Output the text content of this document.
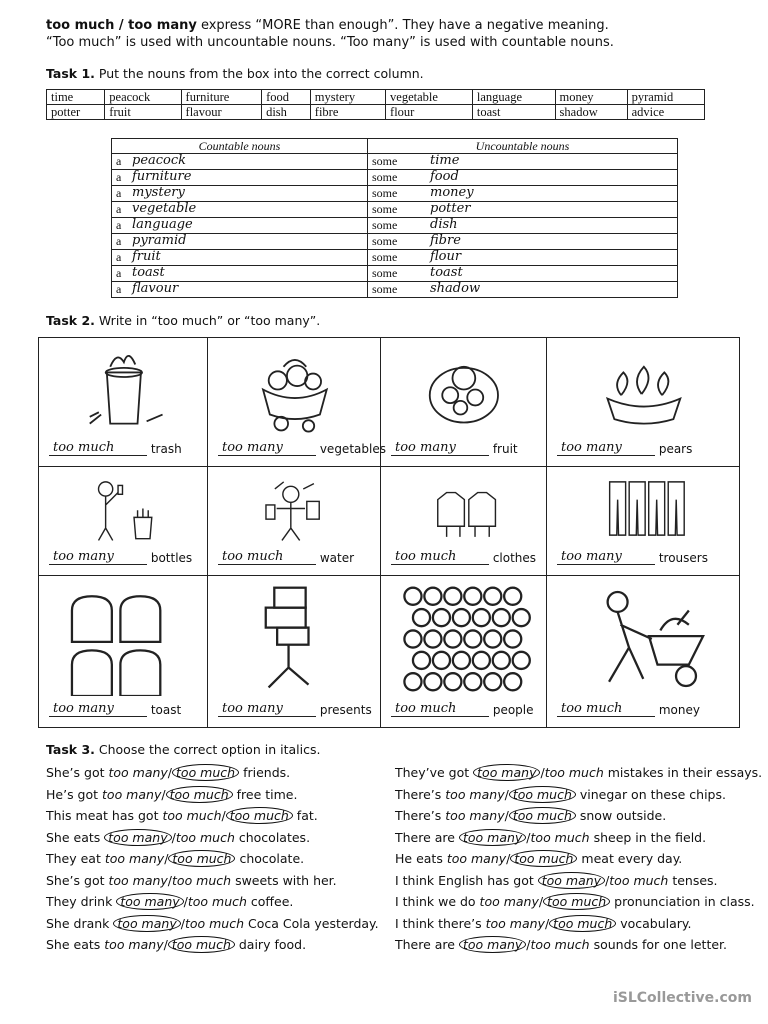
too much / too many express “MORE than enough”. They have a negative meaning.
“Too much” is used with uncountable nouns. “Too many” is used with countable nouns.
Task 1. Put the nouns from the box into the correct column.
time	peacock	furniture	food	mystery	vegetable	language	money	pyramid
potter	fruit	flavour	dish	fibre	flour	toast	shadow	advice
Countable nouns	Uncountable nouns
a peacock	some time

a furniture	some food

a mystery	some money

a vegetable	some potter

a language	some dish

a pyramid	some fibre

a fruit	some flour

a toast	some toast

a flavour	some shadow
Task 2. Write in “too much” or “too many”.
too much	trash	too many	vegetables too many	fruit	too many	pears
too many	bottles	too much	water	too much	clothes	too many	trousers
too many	toast	too many	presents	too much	people	too much	money
Task 3. Choose the correct option in italics.
She’s got too many/ too much friends.
He’s got too many/ too much free time.
This meat has got too much/ too much fat.
She eats too many /too much chocolates.
They eat too many/ too much chocolate.
She’s got too many/too much sweets with her.
They drink too many /too much coffee.
She drank too many /too much Coca Cola yesterday.
She eats too many/ too much dairy food.
They’ve got too many /too much mistakes in their essays.
There’s too many/ too much vinegar on these chips.
There’s too many/ too much snow outside.
There are too many /too much sheep in the field.
He eats too many/ too much meat every day.
I think English has got too many /too much tenses.
I think we do too many/ too much pronunciation in class.
I think there’s too many/ too much vocabulary.
There are too many /too much sounds for one letter.
iSLCollective.com
